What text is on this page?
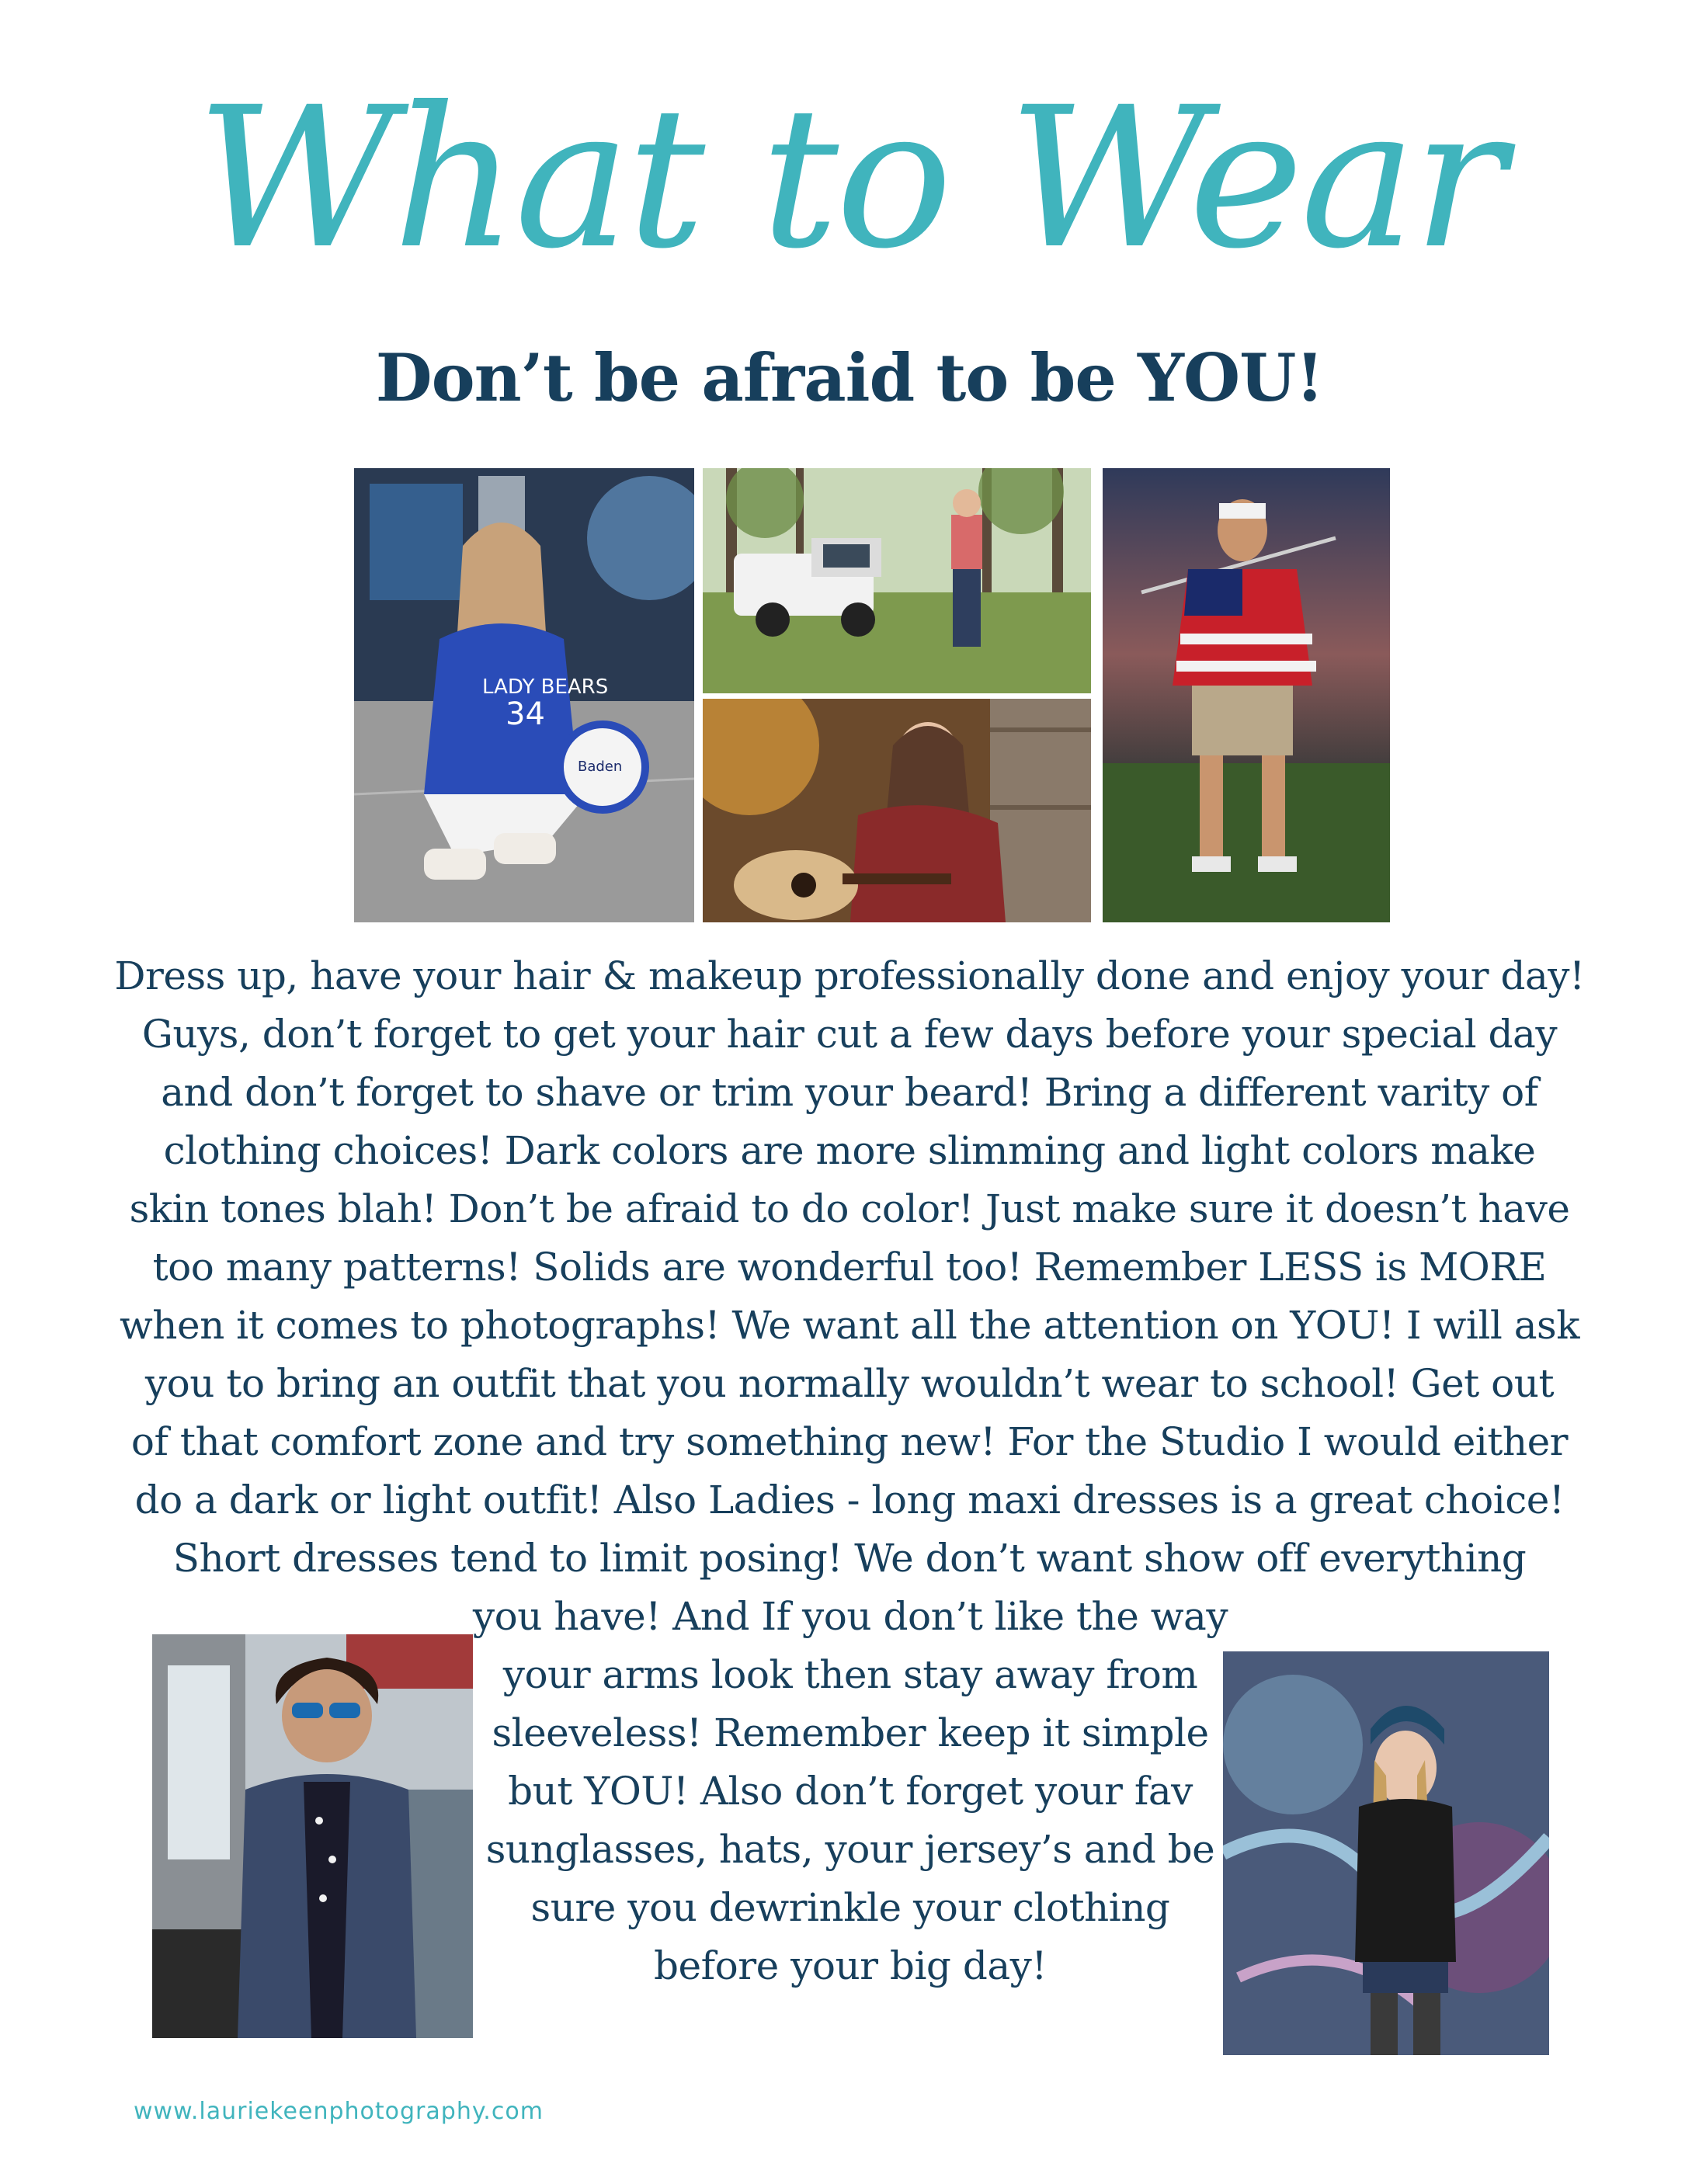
What to Wear
Don’t be afraid to be YOU!
LADY BEARS
34
Baden
Dress up, have your hair & makeup professionally done and enjoy your day!
Guys, don’t forget to get your hair cut a few days before your special day
and don’t forget to shave or trim your beard! Bring a different varity of
clothing choices! Dark colors are more slimming and light colors make
skin tones blah! Don’t be afraid to do color! Just make sure it doesn’t have
too many patterns! Solids are wonderful too! Remember LESS is MORE
when it comes to photographs! We want all the attention on YOU! I will ask
you to bring an outfit that you normally wouldn’t wear to school! Get out
of that comfort zone and try something new! For the Studio I would either
do a dark or light outfit! Also Ladies - long maxi dresses is a great choice!
Short dresses tend to limit posing! We don’t want show off everything
you have! And If you don’t like the way
your arms look then stay away from
sleeveless! Remember keep it simple
but YOU! Also don’t forget your fav
sunglasses, hats, your jersey’s and be
sure you dewrinkle your clothing
before your big day!
www.lauriekeenphotography.com
